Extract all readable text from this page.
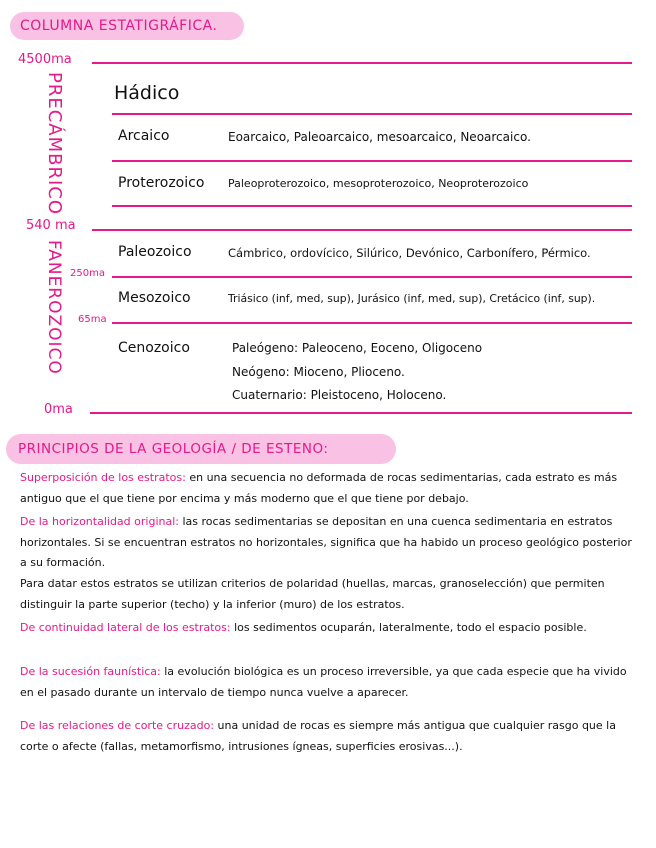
COLUMNA ESTATIGRÁFICA.
4500ma
540 ma
250ma
65ma
0ma
PRECÁMBRICO
FANEROZOICO
Hádico
Arcaico	Eoarcaico, Paleoarcaico, mesoarcaico, Neoarcaico.
Proterozoico Paleoproterozoico, mesoproterozoico, Neoproterozoico
Paleozoico	Cámbrico, ordovícico, Silúrico, Devónico, Carbonífero, Pérmico.
Mesozoico	Triásico (inf, med, sup), Jurásico (inf, med, sup), Cretácico (inf, sup).
Cenozoico	Paleógeno: Paleoceno, Eoceno, Oligoceno
Neógeno: Mioceno, Plioceno.
Cuaternario: Pleistoceno, Holoceno.
PRINCIPIOS DE LA GEOLOGÍA / DE ESTENO:

Superposición de los estratos: en una secuencia no deformada de rocas sedimentarias, cada estrato es más antiguo que el que tiene por encima y más moderno que el que tiene por debajo.

De la horizontalidad original: las rocas sedimentarias se depositan en una cuenca sedimentaria en estratos horizontales. Si se encuentran estratos no horizontales, significa que ha habido un proceso geológico posterior a su formación.

Para datar estos estratos se utilizan criterios de polaridad (huellas, marcas, granoselección) que permiten distinguir la parte superior (techo) y la inferior (muro) de los estratos.

De continuidad lateral de los estratos: los sedimentos ocuparán, lateralmente, todo el espacio posible.

De la sucesión faunística: la evolución biológica es un proceso irreversible, ya que cada especie que ha vivido en el pasado durante un intervalo de tiempo nunca vuelve a aparecer.

De las relaciones de corte cruzado: una unidad de rocas es siempre más antigua que cualquier rasgo que la corte o afecte (fallas, metamorfismo, intrusiones ígneas, superficies erosivas...).
